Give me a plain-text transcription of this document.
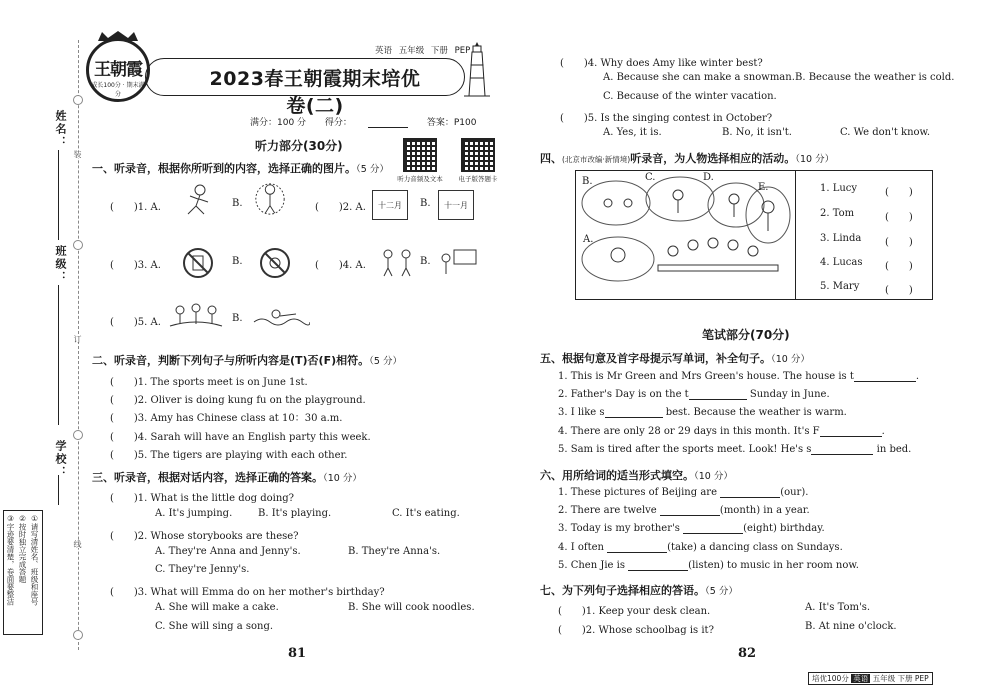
姓名：
班级：
学校：
装
订
线
①请写清姓名、班级和座号
②按时独立完成答题
③字迹要清楚，卷面要整洁
王朝霞
成长100分 · 期末满分
2023春王朝霞期末培优卷(二)
英语 五年级 下册 PEP
满分：100 分 得分：	答案：P100
听力音频及文本	电子版答题卡
听力部分(30分)
一、听录音，根据你所听到的内容，选择正确的图片。（5 分）
(　　)1. A.	B.	(　　)2. A.	十二月	B.	十一月
(　　)3. A.	B.	(　　)4. A.	B.
(　　)5. A.	B.
二、听录音，判断下列句子与所听内容是(T)否(F)相符。（5 分）
(　　)1. The sports meet is on June 1st.
(　　)2. Oliver is doing kung fu on the playground.
(　　)3. Amy has Chinese class at 10：30 a.m.
(　　)4. Sarah will have an English party this week.
(　　)5. The tigers are playing with each other.
三、听录音，根据对话内容，选择正确的答案。（10 分）
(　　)1. What is the little dog doing?
A. It's jumping.	B. It's playing.	C. It's eating.
(　　)2. Whose storybooks are these?
A. They're Anna and Jenny's.	B. They're Anna's.
C. They're Jenny's.
(　　)3. What will Emma do on her mother's birthday?
A. She will make a cake.	B. She will cook noodles.
C. She will sing a song.
81
(　　)4. Why does Amy like winter best?
A. Because she can make a snowman. B. Because the weather is cold.
C. Because of the winter vacation.
(　　)5. Is the singing contest in October?
A. Yes, it is.	B. No, it isn't.	C. We don't know.
四、(北京市改编·新情境)听录音，为人物选择相应的活动。（10 分）
B.	C.	D.
E.
A.
1. Lucy	(　　)
2. Tom	(　　)
3. Linda (　　)
4. Lucas (　　)
5. Mary	(　　)
笔试部分(70分)
五、根据句意及首字母提示写单词，补全句子。（10 分）
1. This is Mr Green and Mrs Green's house. The house is t	.
2. Father's Day is on the t	Sunday in June.
3. I like s	best. Because the weather is warm.
4. There are only 28 or 29 days in this month. It's F	.
5. Sam is tired after the sports meet. Look! He's s	in bed.
六、用所给词的适当形式填空。（10 分）
1. These pictures of Beijing are	(our).
2. There are twelve	(month) in a year.
3. Today is my brother's	(eight) birthday.
4. I often	(take) a dancing class on Sundays.
5. Chen Jie is	(listen) to music in her room now.
七、为下列句子选择相应的答语。（5 分）
(　　)1. Keep your desk clean.	A. It's Tom's.
(　　)2. Whose schoolbag is it?	B. At nine o'clock.
82
培优100分 英语 五年级 下册 PEP
